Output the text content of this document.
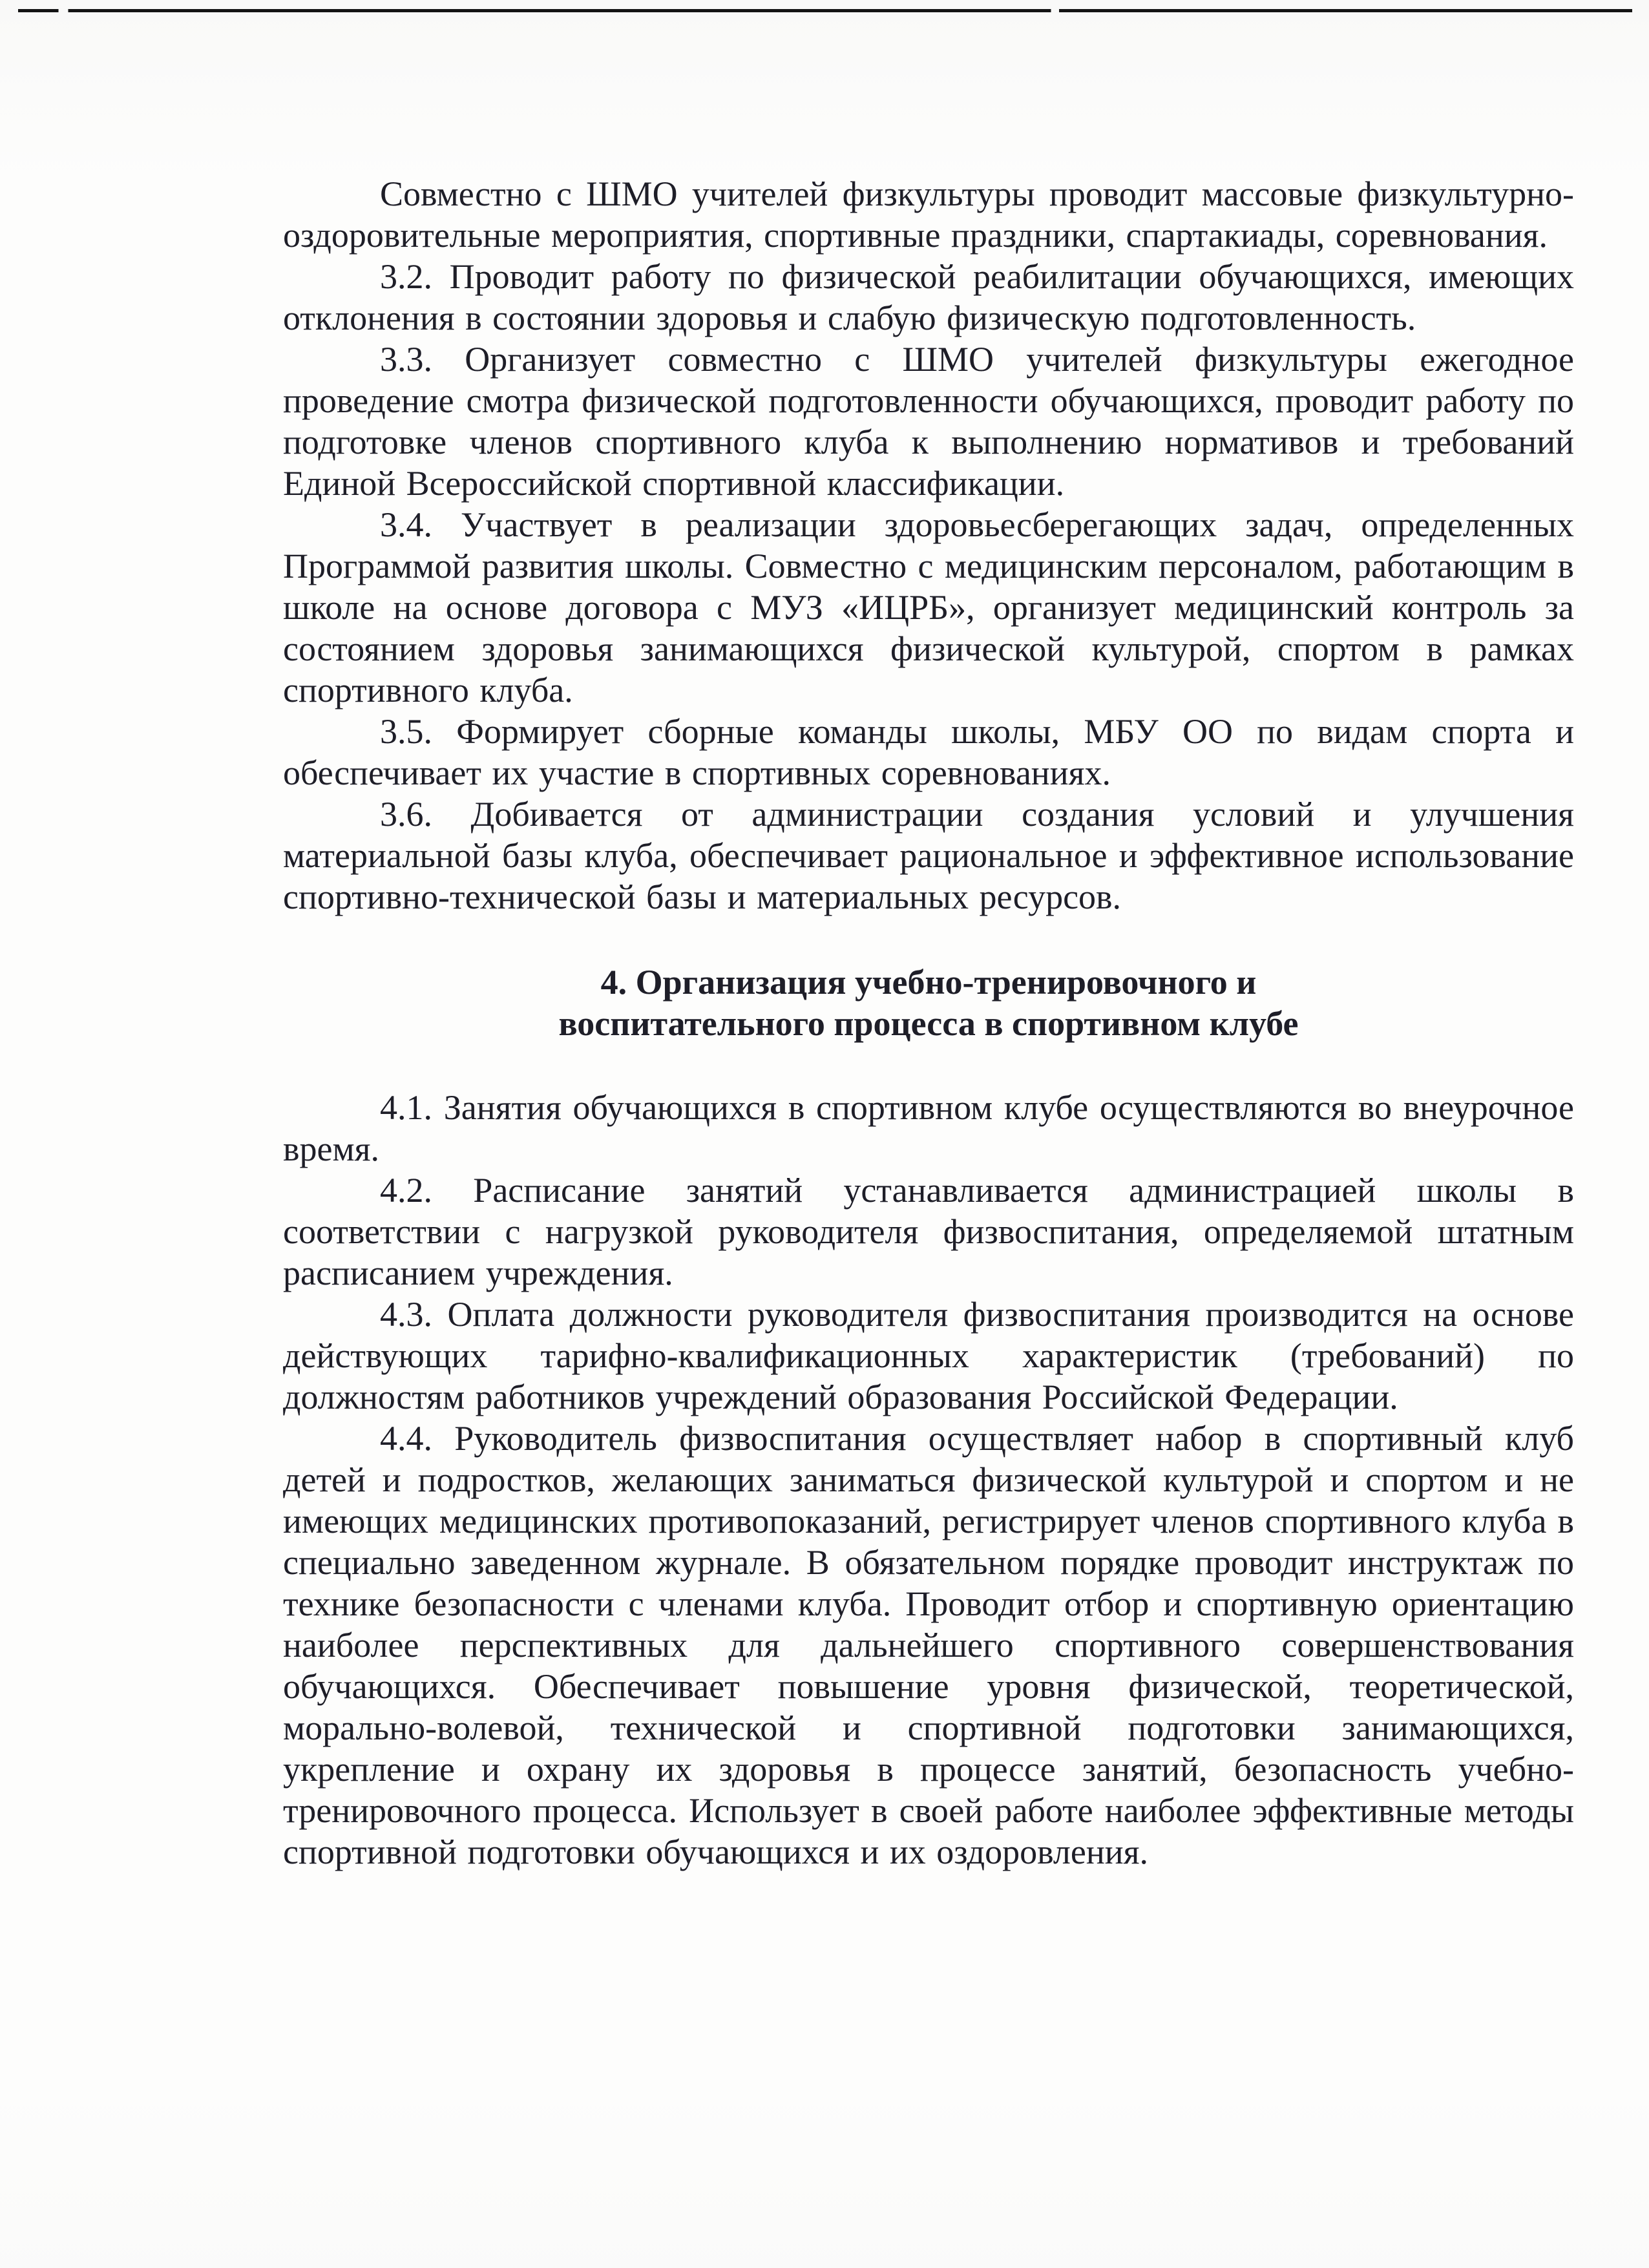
Совместно с ШМО учителей физкультуры проводит массовые физкультурно-оздоровительные мероприятия, спортивные праздники, спартакиады, соревнования.

3.2. Проводит работу по физической реабилитации обучающихся, имеющих отклонения в состоянии здоровья и слабую физическую подготовленность.

3.3. Организует совместно с ШМО учителей физкультуры ежегодное проведение смотра физической подготовленности обучающихся, проводит работу по подготовке членов спортивного клуба к выполнению нормативов и требований Единой Всероссийской спортивной классификации.

3.4. Участвует в реализации здоровьесберегающих задач, определенных Программой развития школы. Совместно с медицинским персоналом, работающим в школе на основе договора с МУЗ «ИЦРБ», организует медицинский контроль за состоянием здоровья занимающихся физической культурой, спортом в рамках спортивного клуба.

3.5. Формирует сборные команды школы, МБУ ОО по видам спорта и обеспечивает их участие в спортивных соревнованиях.

3.6. Добивается от администрации создания условий и улучшения материальной базы клуба, обеспечивает рациональное и эффективное использование спортивно-технической базы и материальных ресурсов.

4. Организация учебно-тренировочного и
воспитательного процесса в спортивном клубе

4.1. Занятия обучающихся в спортивном клубе осуществляются во внеурочное время.

4.2. Расписание занятий устанавливается администрацией школы в соответствии с нагрузкой руководителя физвоспитания, определяемой штатным расписанием учреждения.

4.3. Оплата должности руководителя физвоспитания производится на основе действующих тарифно-квалификационных характеристик (требований) по должностям работников учреждений образования Российской Федерации.

4.4. Руководитель физвоспитания осуществляет набор в спортивный клуб детей и подростков, желающих заниматься физической культурой и спортом и не имеющих медицинских противопоказаний, регистрирует членов спортивного клуба в специально заведенном журнале. В обязательном порядке проводит инструктаж по технике безопасности с членами клуба. Проводит отбор и спортивную ориентацию наиболее перспективных для дальнейшего спортивного совершенствования обучающихся. Обеспечивает повышение уровня физической, теоретической, морально-волевой, технической и спортивной подготовки занимающихся, укрепление и охрану их здоровья в процессе занятий, безопасность учебно-тренировочного процесса. Использует в своей работе наиболее эффективные методы спортивной подготовки обучающихся и их оздоровления.
